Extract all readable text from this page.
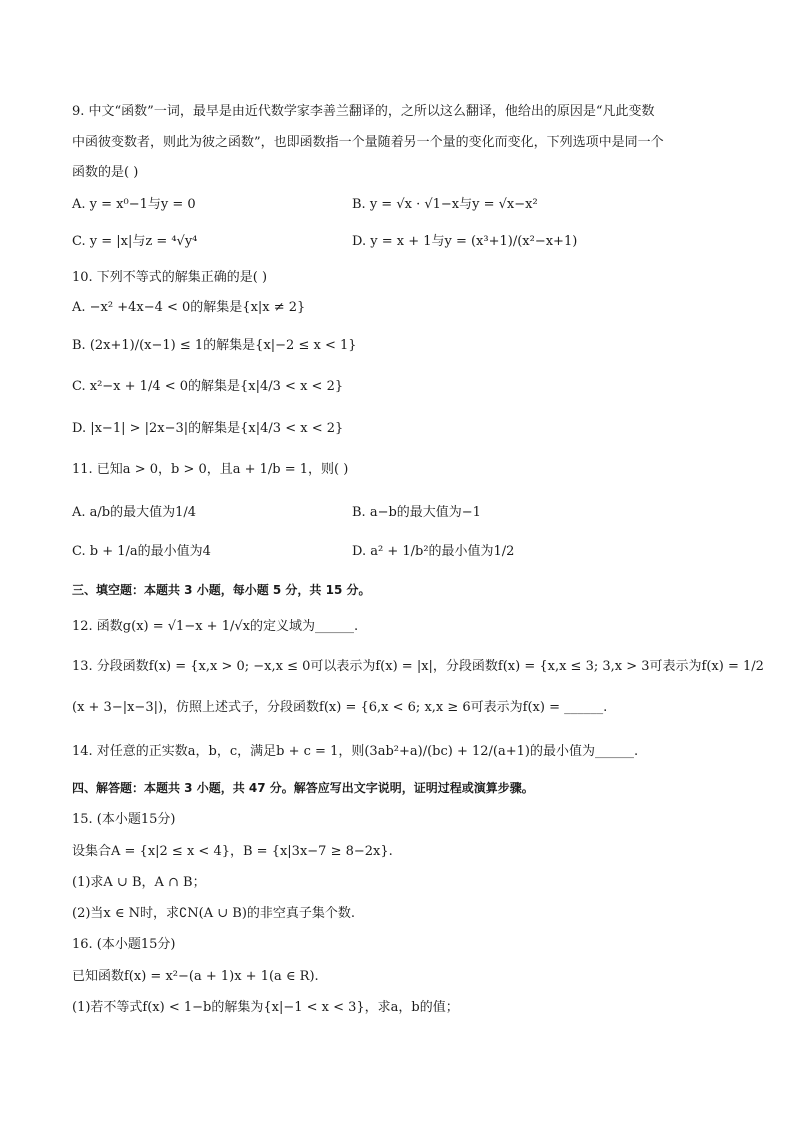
9. 中文“函数”一词，最早是由近代数学家李善兰翻译的，之所以这么翻译，他给出的原因是“凡此变数
中函彼变数者，则此为彼之函数”，也即函数指一个量随着另一个量的变化而变化，下列选项中是同一个
函数的是( )
A. y = x⁰−1与y = 0	B. y = √x · √1−x与y = √x−x²
C. y = |x|与z = ⁴√y⁴	D. y = x + 1与y = (x³+1)/(x²−x+1)
10. 下列不等式的解集正确的是( )
A. −x² +4x−4 < 0的解集是{x|x ≠ 2}
B. (2x+1)/(x−1) ≤ 1的解集是{x|−2 ≤ x < 1}
C. x²−x + 1/4 < 0的解集是{x|4/3 < x < 2}
D. |x−1| > |2x−3|的解集是{x|4/3 < x < 2}
11. 已知a > 0，b > 0，且a + 1/b = 1，则( )
A. a/b的最大值为1/4	B. a−b的最大值为−1
C. b + 1/a的最小值为4	D. a² + 1/b²的最小值为1/2
三、填空题：本题共 3 小题，每小题 5 分，共 15 分。
12. 函数g(x) = √1−x + 1/√x的定义域为______.
13. 分段函数f(x) = {x,x > 0; −x,x ≤ 0可以表示为f(x) = |x|，分段函数f(x) = {x,x ≤ 3; 3,x > 3可表示为f(x) = 1/2
(x + 3−|x−3|)，仿照上述式子，分段函数f(x) = {6,x < 6; x,x ≥ 6可表示为f(x) = ______.
14. 对任意的正实数a，b，c，满足b + c = 1，则(3ab²+a)/(bc) + 12/(a+1)的最小值为______.
四、解答题：本题共 3 小题，共 47 分。解答应写出文字说明，证明过程或演算步骤。
15. (本小题15分)
设集合A = {x|2 ≤ x < 4}，B = {x|3x−7 ≥ 8−2x}.
(1)求A ∪ B，A ∩ B；
(2)当x ∈ N时，求∁N(A ∪ B)的非空真子集个数.
16. (本小题15分)
已知函数f(x) = x²−(a + 1)x + 1(a ∈ R).
(1)若不等式f(x) < 1−b的解集为{x|−1 < x < 3}，求a，b的值；
